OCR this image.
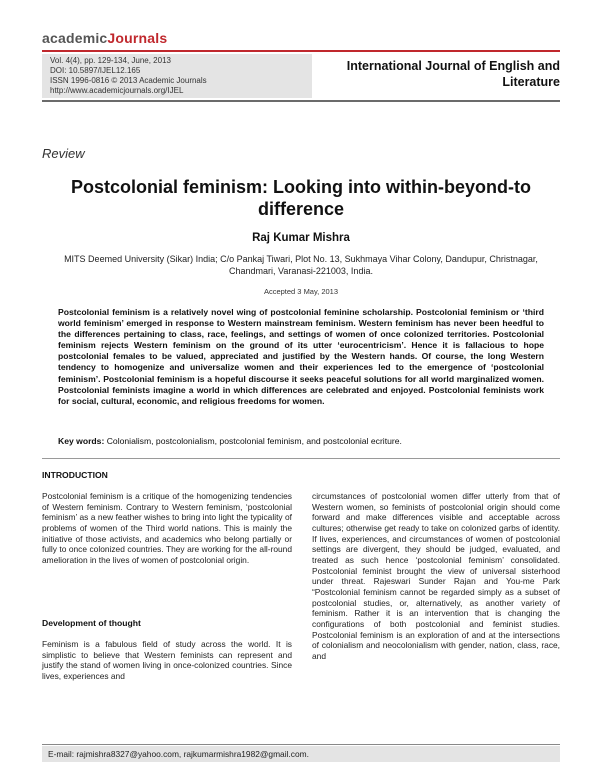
academicJournals
Vol. 4(4), pp. 129-134, June, 2013
DOI: 10.5897/IJEL12.165
ISSN 1996-0816 © 2013 Academic Journals
http://www.academicjournals.org/IJEL
International Journal of English and Literature
Review
Postcolonial feminism: Looking into within-beyond-to difference
Raj Kumar Mishra
MITS Deemed University (Sikar) India; C/o Pankaj Tiwari, Plot No. 13, Sukhmaya Vihar Colony, Dandupur, Christnagar, Chandmari, Varanasi-221003, India.
Accepted 3 May, 2013
Postcolonial feminism is a relatively novel wing of postcolonial feminine scholarship. Postcolonial feminism or ‘third world feminism’ emerged in response to Western mainstream feminism. Western feminism has never been heedful to the differences pertaining to class, race, feelings, and settings of women of once colonized territories. Postcolonial feminism rejects Western feminism on the ground of its utter ‘eurocentricism’. Hence it is fallacious to hope postcolonial females to be valued, appreciated and justified by the Western hands. Of course, the long Western tendency to homogenize and universalize women and their experiences led to the emergence of ‘postcolonial feminism’. Postcolonial feminism is a hopeful discourse it seeks peaceful solutions for all world marginalized women. Postcolonial feminists imagine a world in which differences are celebrated and enjoyed. Postcolonial feminists work for social, cultural, economic, and religious freedoms for women.
Key words: Colonialism, postcolonialism, postcolonial feminism, and postcolonial ecriture.
INTRODUCTION
Postcolonial feminism is a critique of the homogenizing tendencies of Western feminism. Contrary to Western feminism, ‘postcolonial feminism’ as a new feather wishes to bring into light the typicality of problems of women of the Third world nations. This is mainly the initiative of those activists, and academics who belong partially or fully to once colonized countries. They are working for the all-round amelioration in the lives of women of postcolonial origin.
Development of thought
Feminism is a fabulous field of study across the world. It is simplistic to believe that Western feminists can represent and justify the stand of women living in once-colonized countries. Since lives, experiences and
circumstances of postcolonial women differ utterly from that of Western women, so feminists of postcolonial origin should come forward and make differences visible and acceptable across cultures; otherwise get ready to take on colonized garbs of identity. If lives, experiences, and circumstances of women of postcolonial settings are divergent, they should be judged, evaluated, and treated as such hence ‘postcolonial feminism’ consolidated. Postcolonial feminist brought the view of universal sisterhood under threat. Rajeswari Sunder Rajan and You-me Park “Postcolonial feminism cannot be regarded simply as a subset of postcolonial studies, or, alternatively, as another variety of feminism. Rather it is an intervention that is changing the configurations of both postcolonial and feminist studies. Postcolonial feminism is an exploration of and at the intersections of colonialism and neocolonialism with gender, nation, class, race, and
E-mail: rajmishra8327@yahoo.com, rajkumarmishra1982@gmail.com.
